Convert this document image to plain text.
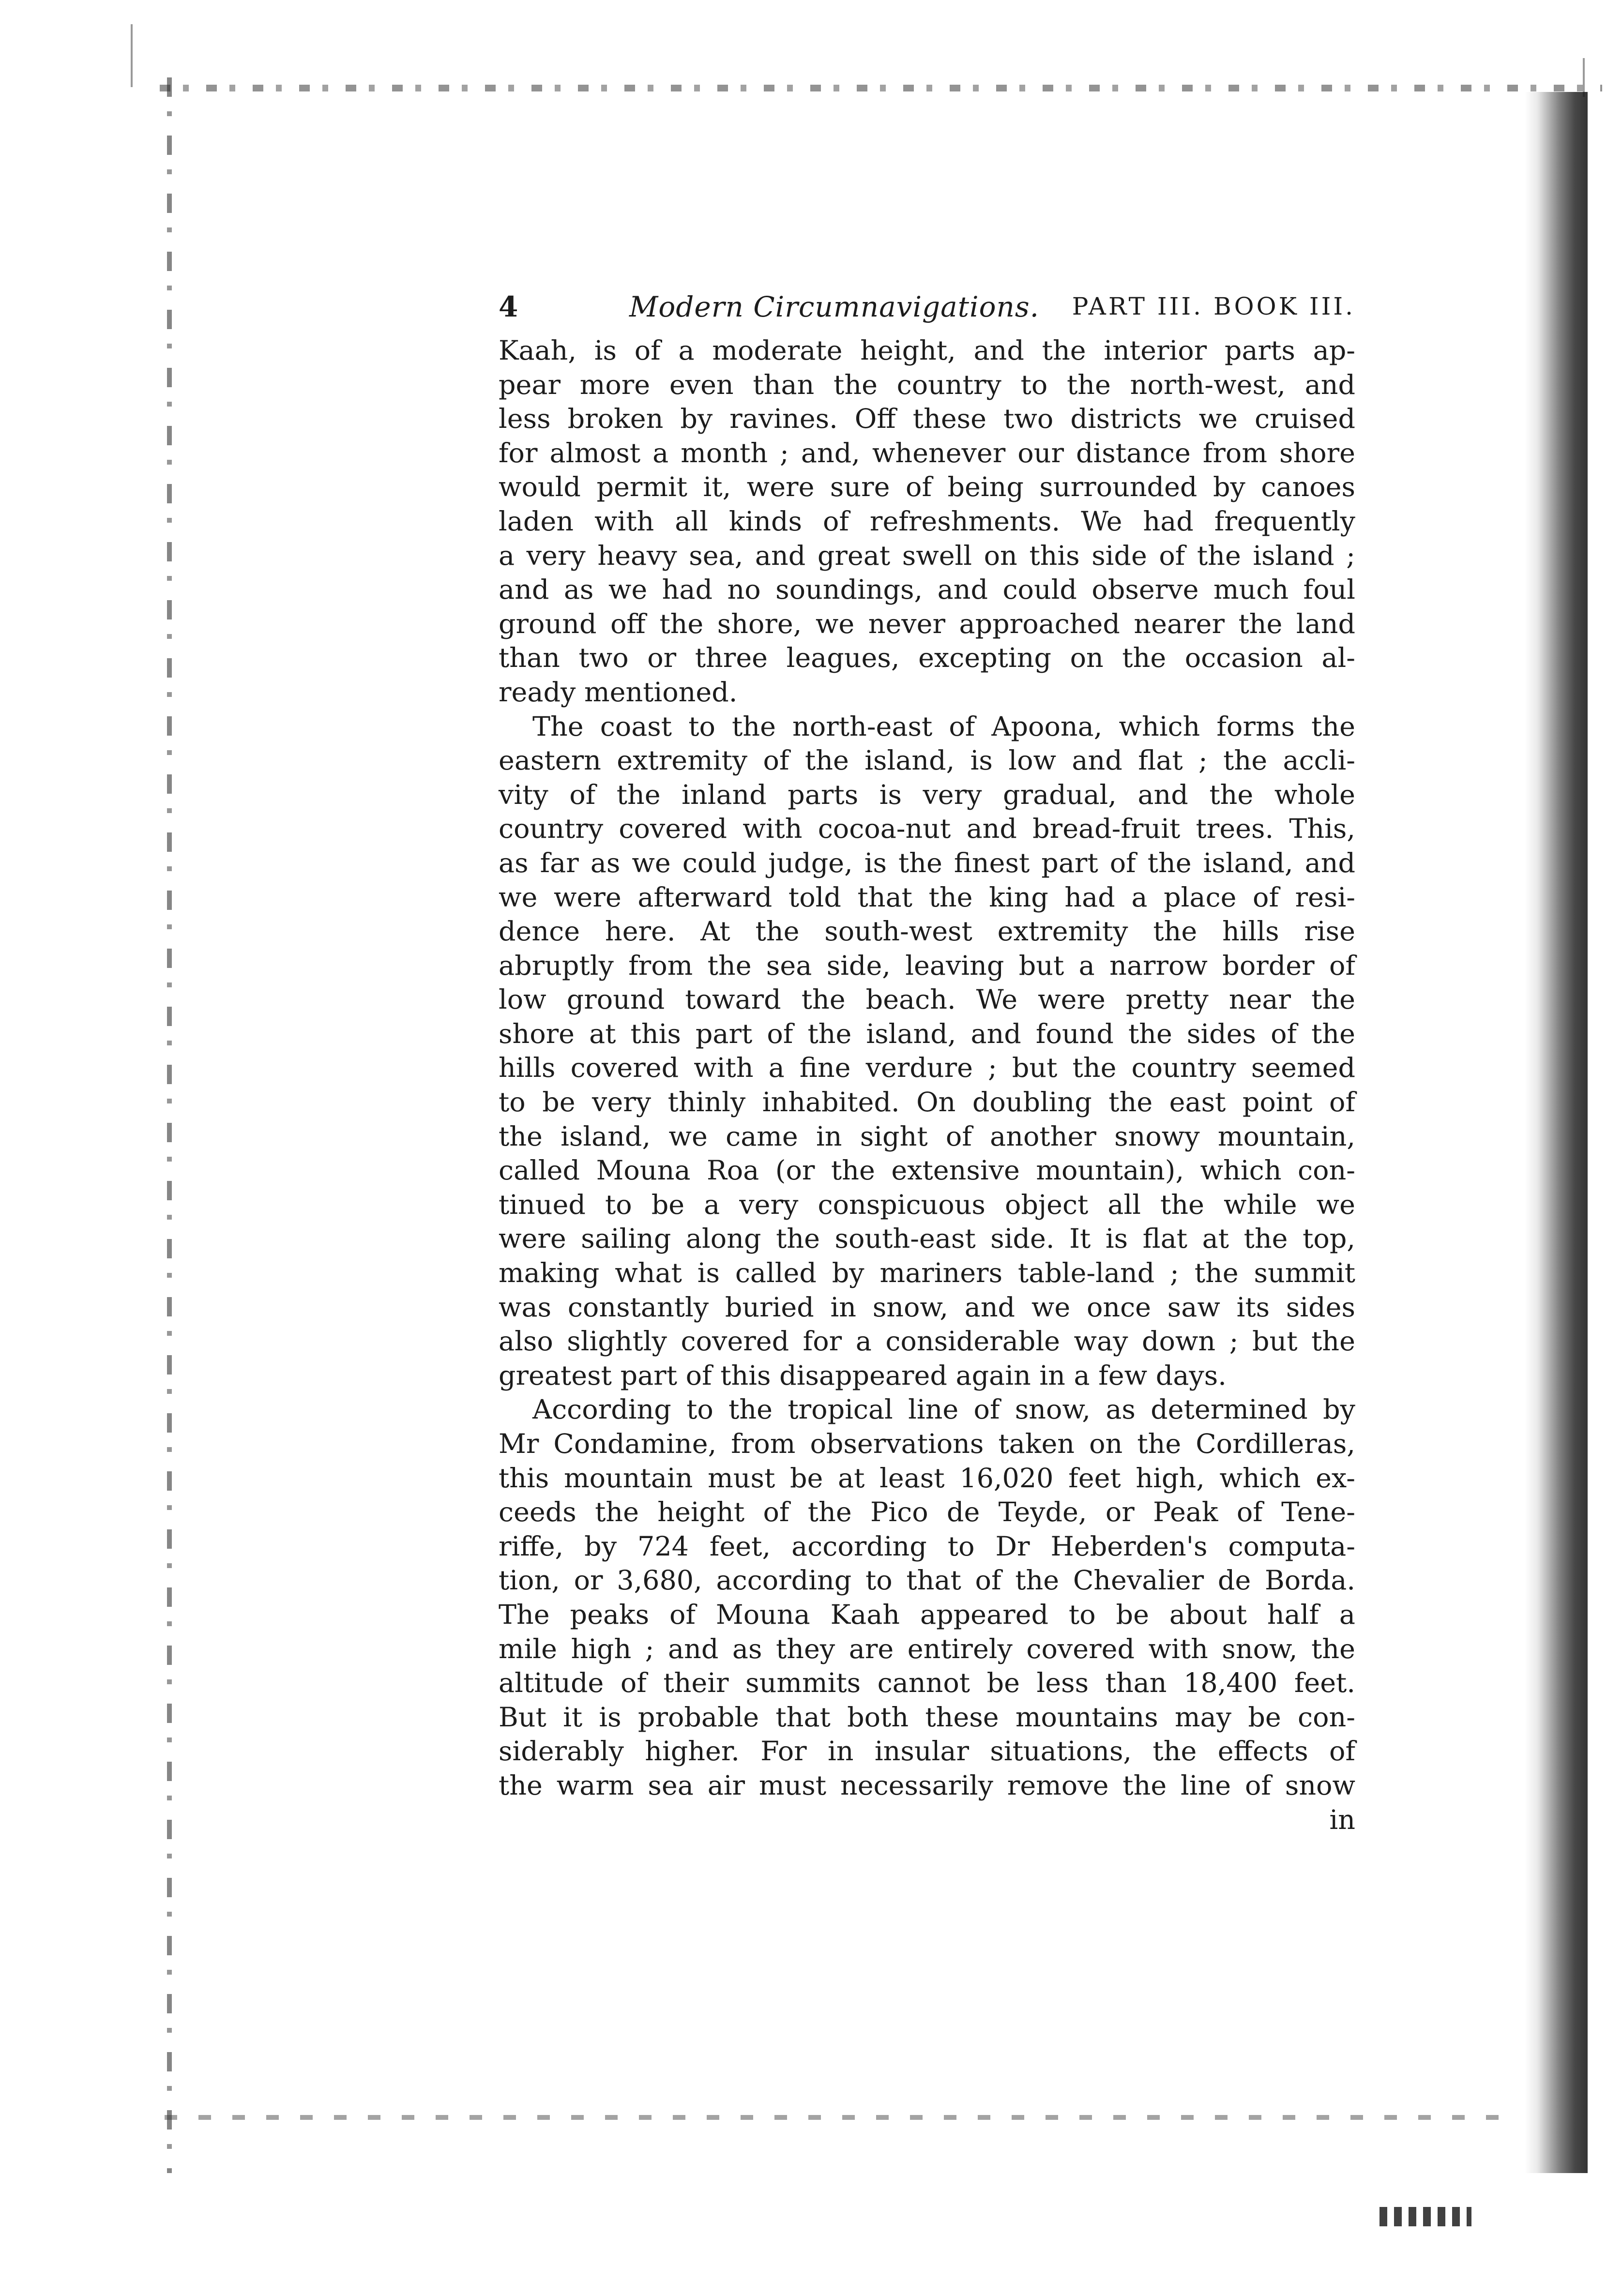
4	Modern Circumnavigations. PART III. BOOK III.
Kaah, is of a moderate height, and the interior parts ap-
pear more even than the country to the north-west, and
less broken by ravines. Off these two districts we cruised
for almost a month ; and, whenever our distance from shore
would permit it, were sure of being surrounded by canoes
laden with all kinds of refreshments. We had frequently
a very heavy sea, and great swell on this side of the island ;
and as we had no soundings, and could observe much foul
ground off the shore, we never approached nearer the land
than two or three leagues, excepting on the occasion al-
ready mentioned.
The coast to the north-east of Apoona, which forms the
eastern extremity of the island, is low and flat ; the accli-
vity of the inland parts is very gradual, and the whole
country covered with cocoa-nut and bread-fruit trees. This,
as far as we could judge, is the finest part of the island, and
we were afterward told that the king had a place of resi-
dence here. At the south-west extremity the hills rise
abruptly from the sea side, leaving but a narrow border of
low ground toward the beach. We were pretty near the
shore at this part of the island, and found the sides of the
hills covered with a fine verdure ; but the country seemed
to be very thinly inhabited. On doubling the east point of
the island, we came in sight of another snowy mountain,
called Mouna Roa (or the extensive mountain), which con-
tinued to be a very conspicuous object all the while we
were sailing along the south-east side. It is flat at the top,
making what is called by mariners table-land ; the summit
was constantly buried in snow, and we once saw its sides
also slightly covered for a considerable way down ; but the
greatest part of this disappeared again in a few days.
According to the tropical line of snow, as determined by
Mr Condamine, from observations taken on the Cordilleras,
this mountain must be at least 16,020 feet high, which ex-
ceeds the height of the Pico de Teyde, or Peak of Tene-
riffe, by 724 feet, according to Dr Heberden's computa-
tion, or 3,680, according to that of the Chevalier de Borda.
The peaks of Mouna Kaah appeared to be about half a
mile high ; and as they are entirely covered with snow, the
altitude of their summits cannot be less than 18,400 feet.
But it is probable that both these mountains may be con-
siderably higher. For in insular situations, the effects of
the warm sea air must necessarily remove the line of snow
in
